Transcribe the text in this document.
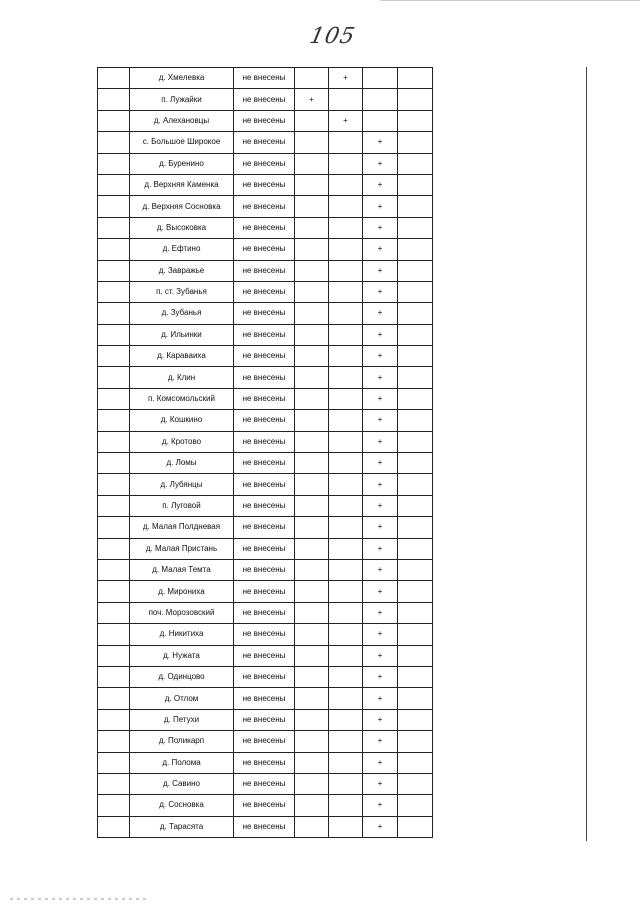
105
	д. Хмелевка	не внесены		+		
	п. Лужайки	не внесены	+			
	д. Алехановцы	не внесены		+		
	с. Большое Широкое	не внесены			+	
	д. Буренино	не внесены			+	
	д. Верхняя Каменка	не внесены			+	
	д. Верхняя Сосновка	не внесены			+	
	д. Высоковка	не внесены			+	
	д. Ефтино	не внесены			+	
	д. Завражье	не внесены			+	
	п. ст. Зубанья	не внесены			+	
	д. Зубанья	не внесены			+	
	д. Ильинки	не внесены			+	
	д. Караваиха	не внесены			+	
	д. Клин	не внесены			+	
	п. Комсомольский	не внесены			+	
	д. Кошкино	не внесены			+	
	д. Кротово	не внесены			+	
	д. Ломы	не внесены			+	
	д. Лубянцы	не внесены			+	
	п. Луговой	не внесены			+	
	д. Малая Полдневая	не внесены			+	
	д. Малая Пристань	не внесены			+	
	д. Малая Темта	не внесены			+	
	д. Мирониха	не внесены			+	
	поч. Морозовский	не внесены			+	
	д. Никитиха	не внесены			+	
	д. Нужата	не внесены			+	
	д. Одинцово	не внесены			+	
	д. Отлом	не внесены			+	
	д. Петухи	не внесены			+	
	д. Поликарп	не внесены			+	
	д. Полома	не внесены			+	
	д. Савино	не внесены			+	
	д. Сосновка	не внесены			+	
	д. Тарасята	не внесены			+	
